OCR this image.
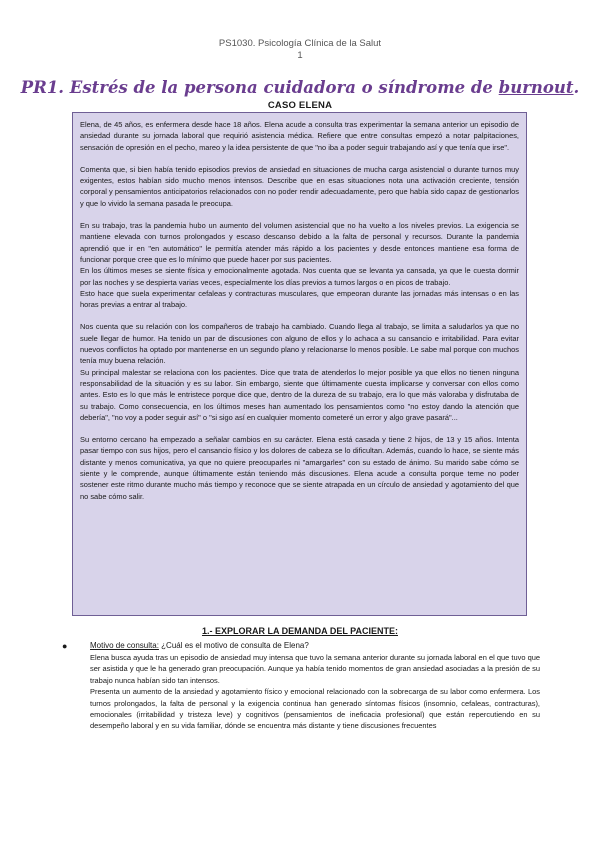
PS1030. Psicología Clínica de la Salut
1
PR1. Estrés de la persona cuidadora o síndrome de burnout.
CASO ELENA

Elena, de 45 años, es enfermera desde hace 18 años. Elena acude a consulta tras experimentar la semana anterior un episodio de ansiedad durante su jornada laboral que requirió asistencia médica. Refiere que entre consultas empezó a notar palpitaciones, sensación de opresión en el pecho, mareo y la idea persistente de que "no iba a poder seguir trabajando así y que tenía que irse".

Comenta que, si bien había tenido episodios previos de ansiedad en situaciones de mucha carga asistencial o durante turnos muy exigentes, estos habían sido mucho menos intensos. Describe que en esas situaciones nota una activación creciente, tensión corporal y pensamientos anticipatorios relacionados con no poder rendir adecuadamente, pero que había sido capaz de gestionarlos y que lo vivido la semana pasada le preocupa.

En su trabajo, tras la pandemia hubo un aumento del volumen asistencial que no ha vuelto a los niveles previos. La exigencia se mantiene elevada con turnos prolongados y escaso descanso debido a la falta de personal y recursos. Durante la pandemia aprendió que ir en "en automático" le permitía atender más rápido a los pacientes y desde entonces mantiene esa forma de funcionar porque cree que es lo mínimo que puede hacer por sus pacientes.

En los últimos meses se siente física y emocionalmente agotada. Nos cuenta que se levanta ya cansada, ya que le cuesta dormir por las noches y se despierta varias veces, especialmente los días previos a turnos largos o en picos de trabajo.

Esto hace que suela experimentar cefaleas y contracturas musculares, que empeoran durante las jornadas más intensas o en las horas previas a entrar al trabajo.

Nos cuenta que su relación con los compañeros de trabajo ha cambiado. Cuando llega al trabajo, se limita a saludarlos ya que no suele llegar de humor. Ha tenido un par de discusiones con alguno de ellos y lo achaca a su cansancio e irritabilidad. Para evitar nuevos conflictos ha optado por mantenerse en un segundo plano y relacionarse lo menos posible. Le sabe mal porque con muchos tenía muy buena relación.

Su principal malestar se relaciona con los pacientes. Dice que trata de atenderlos lo mejor posible ya que ellos no tienen ninguna responsabilidad de la situación y es su labor. Sin embargo, siente que últimamente cuesta implicarse y conversar con ellos como antes. Esto es lo que más le entristece porque dice que, dentro de la dureza de su trabajo, era lo que más valoraba y disfrutaba de su trabajo. Como consecuencia, en los últimos meses han aumentado los pensamientos como "no estoy dando la atención que debería", "no voy a poder seguir así" o "si sigo así en cualquier momento cometeré un error y algo grave pasará"...

Su entorno cercano ha empezado a señalar cambios en su carácter. Elena está casada y tiene 2 hijos, de 13 y 15 años. Intenta pasar tiempo con sus hijos, pero el cansancio físico y los dolores de cabeza se lo dificultan. Además, cuando lo hace, se siente más distante y menos comunicativa, ya que no quiere preocuparles ni "amargarles" con su estado de ánimo. Su marido sabe cómo se siente y le comprende, aunque últimamente están teniendo más discusiones. Elena acude a consulta porque teme no poder sostener este ritmo durante mucho más tiempo y reconoce que se siente atrapada en un círculo de ansiedad y agotamiento del que no sabe cómo salir.

1.- EXPLORAR LA DEMANDA DEL PACIENTE:
●	Motivo de consulta: ¿Cuál es el motivo de consulta de Elena?

Elena busca ayuda tras un episodio de ansiedad muy intensa que tuvo la semana anterior durante su jornada laboral en el que tuvo que ser asistida y que le ha generado gran preocupación. Aunque ya había tenido momentos de gran ansiedad asociadas a la presión de su trabajo nunca habían sido tan intensos.

Presenta un aumento de la ansiedad y agotamiento físico y emocional relacionado con la sobrecarga de su labor como enfermera. Los turnos prolongados, la falta de personal y la exigencia continua han generado síntomas físicos (insomnio, cefaleas, contracturas), emocionales (irritabilidad y tristeza leve) y cognitivos (pensamientos de ineficacia profesional) que están repercutiendo en su desempeño laboral y en su vida familiar, dónde se encuentra más distante y tiene discusiones frecuentes
